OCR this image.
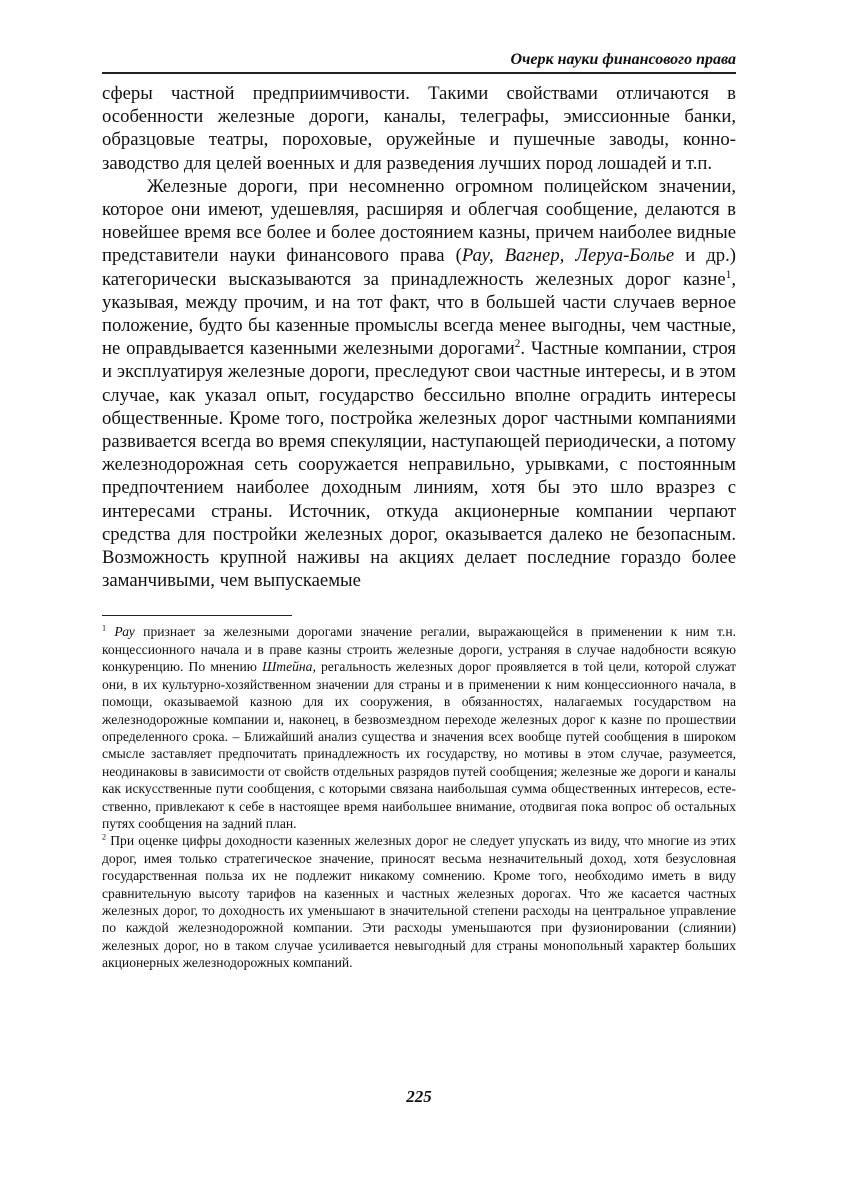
Очерк науки финансового права

сферы частной предприимчивости. Такими свойствами отличаются в особенности железные дороги, каналы, телеграфы, эмиссионные банки, образцовые театры, пороховые, оружейные и пушечные заводы, коннозаводство для целей военных и для разведения лучших пород лошадей и т.п.

Железные дороги, при несомненно огромном полицейском значении, которое они имеют, удешевляя, расширяя и облегчая сообщение, делаются в новейшее время все более и более достоянием казны, причем наиболее видные представители науки финансового права (Рау, Вагнер, Леруа-Болье и др.) категорически высказываются за принадлежность железных дорог казне$^1$, указывая, между прочим, и на тот факт, что в большей части случаев верное положение, будто бы казенные промыслы всегда менее выгодны, чем частные, не оправдывается казенными железными дорогами$^2$. Частные компании, строя и эксплуатируя железные дороги, преследуют свои частные интересы, и в этом случае, как указал опыт, государство бессильно вполне оградить интересы общественные. Кроме того, постройка железных дорог частными компаниями развивается всегда во время спекуляции, наступающей периодически, а потому железнодорожная сеть сооружается неправильно, урывками, с постоянным предпочтением наиболее доходным линиям, хотя бы это шло вразрез с интересами страны. Источник, откуда акционерные компании черпают средства для постройки железных дорог, оказывается далеко не безопасным. Возможность крупной наживы на акциях делает последние гораздо более заманчивыми, чем выпускаемые

$^1$ Рау признает за железными дорогами значение регалии, выражающейся в применении к ним т.н. концессионного начала и в праве казны строить железные дороги, устраняя в случае надобности всякую конкуренцию. По мнению Штейна, регальность железных дорог проявляется в той цели, которой служат они, в их культурно-хозяйственном значении для страны и в применении к ним концессионного начала, в помощи, оказываемой казною для их сооружения, в обязанностях, налагаемых государством на железнодорожные компании и, наконец, в безвозмездном переходе железных дорог к казне по прошествии определенного срока. – Ближайший анализ существа и значения всех вообще путей сообщения в широком смысле заставляет предпочитать принадлежность их государству, но мотивы в этом случае, разумеется, неодинаковы в зависимости от свойств отдельных разрядов путей сообщения; железные же дороги и каналы как искусственные пути сообщения, с которыми связана наибольшая сумма общественных интересов, естественно, привлекают к себе в настоящее время наибольшее внимание, отодвигая пока вопрос об остальных путях сообщения на задний план.

$^2$ При оценке цифры доходности казенных железных дорог не следует упускать из виду, что многие из этих дорог, имея только стратегическое значение, приносят весьма незначительный доход, хотя безусловная государственная польза их не подлежит никакому сомнению. Кроме того, необходимо иметь в виду сравнительную высоту тарифов на казенных и частных железных дорогах. Что же касается частных железных дорог, то доходность их уменьшают в значительной степени расходы на центральное управление по каждой железнодорожной компании. Эти расходы уменьшаются при фузионировании (слиянии) железных дорог, но в таком случае усиливается невыгодный для страны монопольный характер больших акционерных железнодорожных компаний.

225
